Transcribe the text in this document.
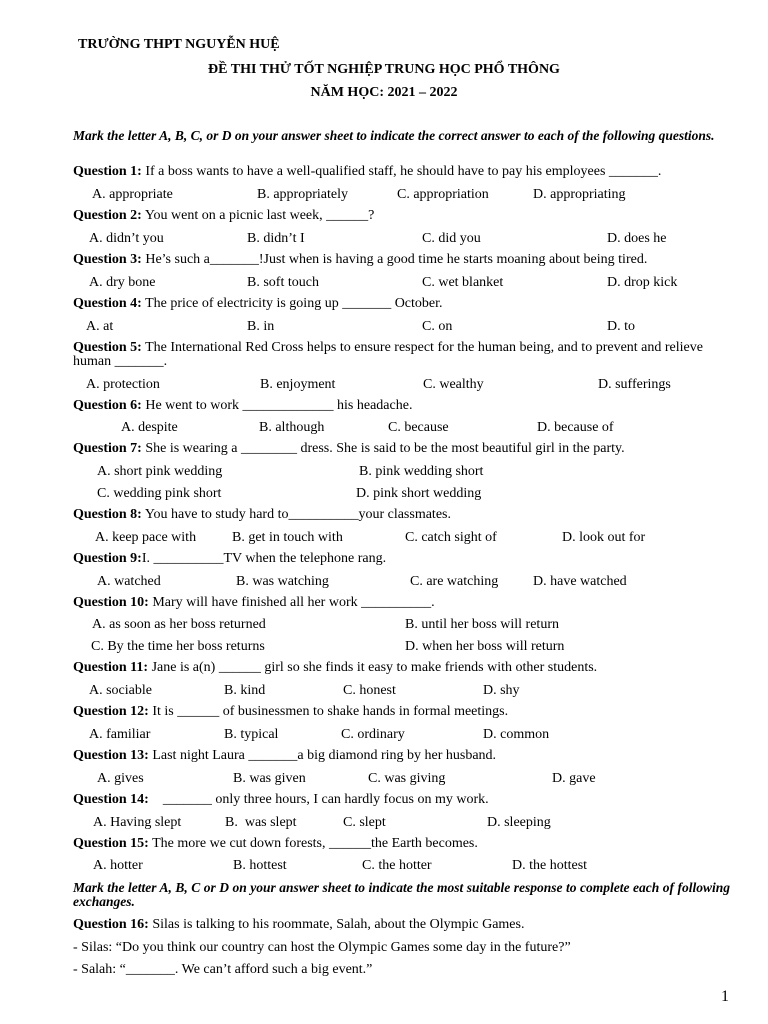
TRƯỜNG THPT NGUYỄN HUỆ
ĐỀ THI THỬ TỐT NGHIỆP TRUNG HỌC PHỔ THÔNG
NĂM HỌC: 2021 – 2022
Mark the letter A, B, C, or D on your answer sheet to indicate the correct answer to each of the following questions.
Question 1: If a boss wants to have a well-qualified staff, he should have to pay his employees _______.
A. appropriate	B. appropriately	C. appropriation	D. appropriating
Question 2: You went on a picnic last week, ______?
A. didn’t you	B. didn’t I	C. did you	D. does he
Question 3: He’s such a_______!Just when is having a good time he starts moaning about being tired.
A. dry bone	B. soft touch	C. wet blanket	D. drop kick
Question 4: The price of electricity is going up _______ October.
A. at	B. in	C. on	D. to
Question 5: The International Red Cross helps to ensure respect for the human being, and to prevent and relieve human _______.
A. protection	B. enjoyment	C. wealthy	D. sufferings
Question 6: He went to work _____________ his headache.
A. despite	B. although	C. because	D. because of
Question 7: She is wearing a ________ dress. She is said to be the most beautiful girl in the party.
A. short pink wedding	B. pink wedding short
C. wedding pink short	D. pink short wedding
Question 8: You have to study hard to__________your classmates.
A. keep pace with	B. get in touch with	C. catch sight of	D. look out for
Question 9:I. __________TV when the telephone rang.
A. watched	B. was watching	C. are watching D. have watched
Question 10: Mary will have finished all her work __________.
A. as soon as her boss returned	B. until her boss will return
C. By the time her boss returns	D. when her boss will return
Question 11: Jane is a(n) ______ girl so she finds it easy to make friends with other students.
A. sociable	B. kind	C. honest	D. shy
Question 12: It is ______ of businessmen to shake hands in formal meetings.
A. familiar	B. typical	C. ordinary	D. common
Question 13: Last night Laura _______a big diamond ring by her husband.
A. gives	B. was given	C. was giving	D. gave
Question 14:    _______ only three hours, I can hardly focus on my work.
A. Having slept	B.  was slept	C. slept	D. sleeping
Question 15: The more we cut down forests, ______the Earth becomes.
A. hotter	B. hottest	C. the hotter	D. the hottest
Mark the letter A, B, C or D on your answer sheet to indicate the most suitable response to complete each of following exchanges.
Question 16: Silas is talking to his roommate, Salah, about the Olympic Games.
- Silas: “Do you think our country can host the Olympic Games some day in the future?”
- Salah: “_______. We can’t afford such a big event.”
1
